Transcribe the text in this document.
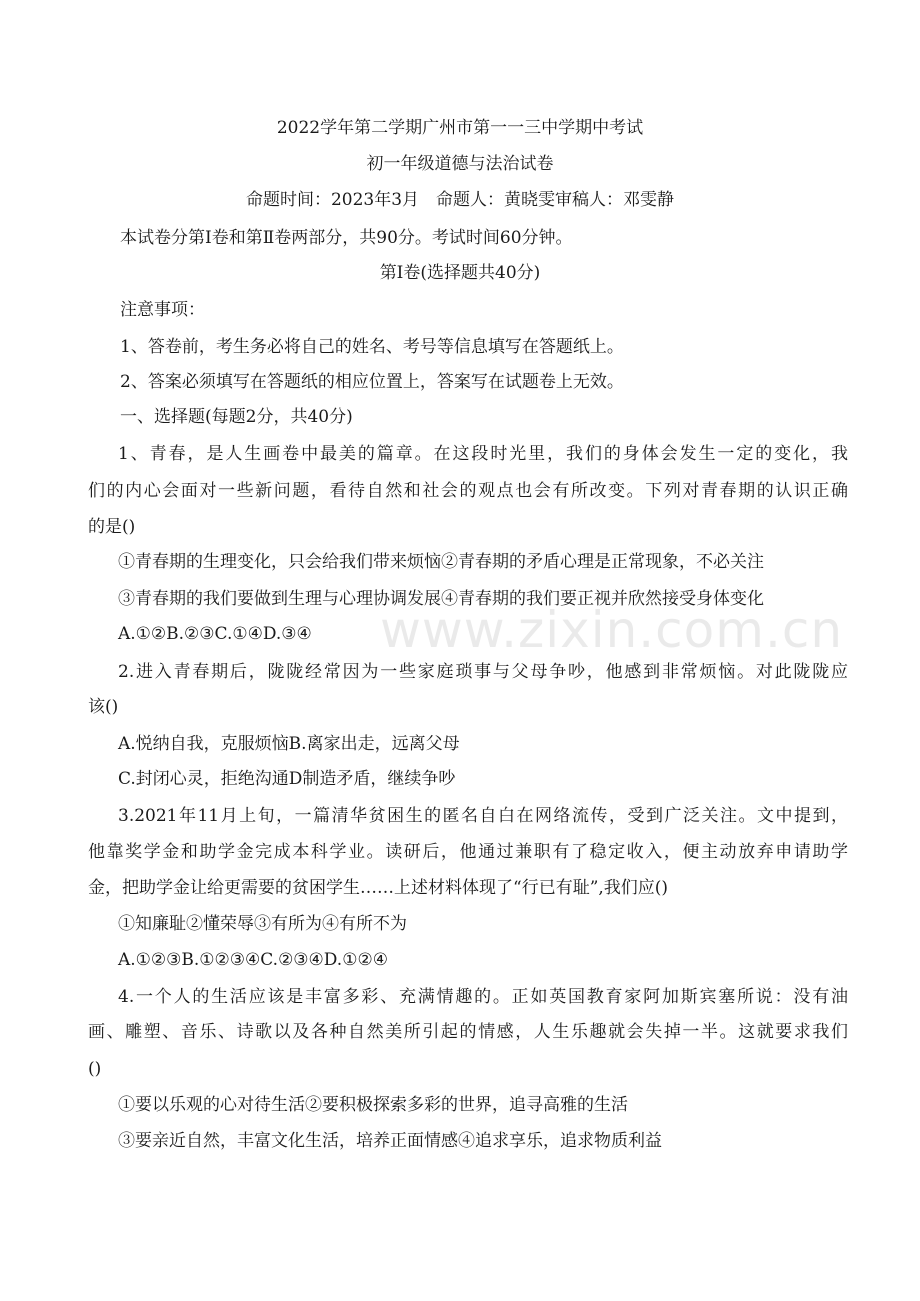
2022学年第二学期广州市第一一三中学期中考试
初一年级道德与法治试卷
命题时间：2023年3月　命题人：黄晓雯审稿人：邓雯静
本试卷分第Ⅰ卷和第Ⅱ卷两部分，共90分。考试时间60分钟。
第Ⅰ卷(选择题共40分)
注意事项：
1、答卷前，考生务必将自己的姓名、考号等信息填写在答题纸上。
2、答案必须填写在答题纸的相应位置上，答案写在试题卷上无效。
一、选择题(每题2分，共40分)
1、青春，是人生画卷中最美的篇章。在这段时光里，我们的身体会发生一定的变化，我
们的内心会面对一些新问题，看待自然和社会的观点也会有所改变。下列对青春期的认识正确
的是()
①青春期的生理变化，只会给我们带来烦恼②青春期的矛盾心理是正常现象，不必关注
③青春期的我们要做到生理与心理协调发展④青春期的我们要正视并欣然接受身体变化
A.①②B.②③C.①④D.③④
2.进入青春期后，陇陇经常因为一些家庭琐事与父母争吵，他感到非常烦恼。对此陇陇应
该()
A.悦纳自我，克服烦恼B.离家出走，远离父母
C.封闭心灵，拒绝沟通D制造矛盾，继续争吵
3.2021年11月上旬，一篇清华贫困生的匿名自白在网络流传，受到广泛关注。文中提到，
他靠奖学金和助学金完成本科学业。读研后，他通过兼职有了稳定收入，便主动放弃申请助学
金，把助学金让给更需要的贫困学生……上述材料体现了“行已有耻”,我们应()
①知廉耻②懂荣辱③有所为④有所不为
A.①②③B.①②③④C.②③④D.①②④
4.一个人的生活应该是丰富多彩、充满情趣的。正如英国教育家阿加斯宾塞所说：没有油
画、雕塑、音乐、诗歌以及各种自然美所引起的情感，人生乐趣就会失掉一半。这就要求我们
()
①要以乐观的心对待生活②要积极探索多彩的世界，追寻高雅的生活
③要亲近自然，丰富文化生活，培养正面情感④追求享乐，追求物质利益
www.zixin.com.cn
